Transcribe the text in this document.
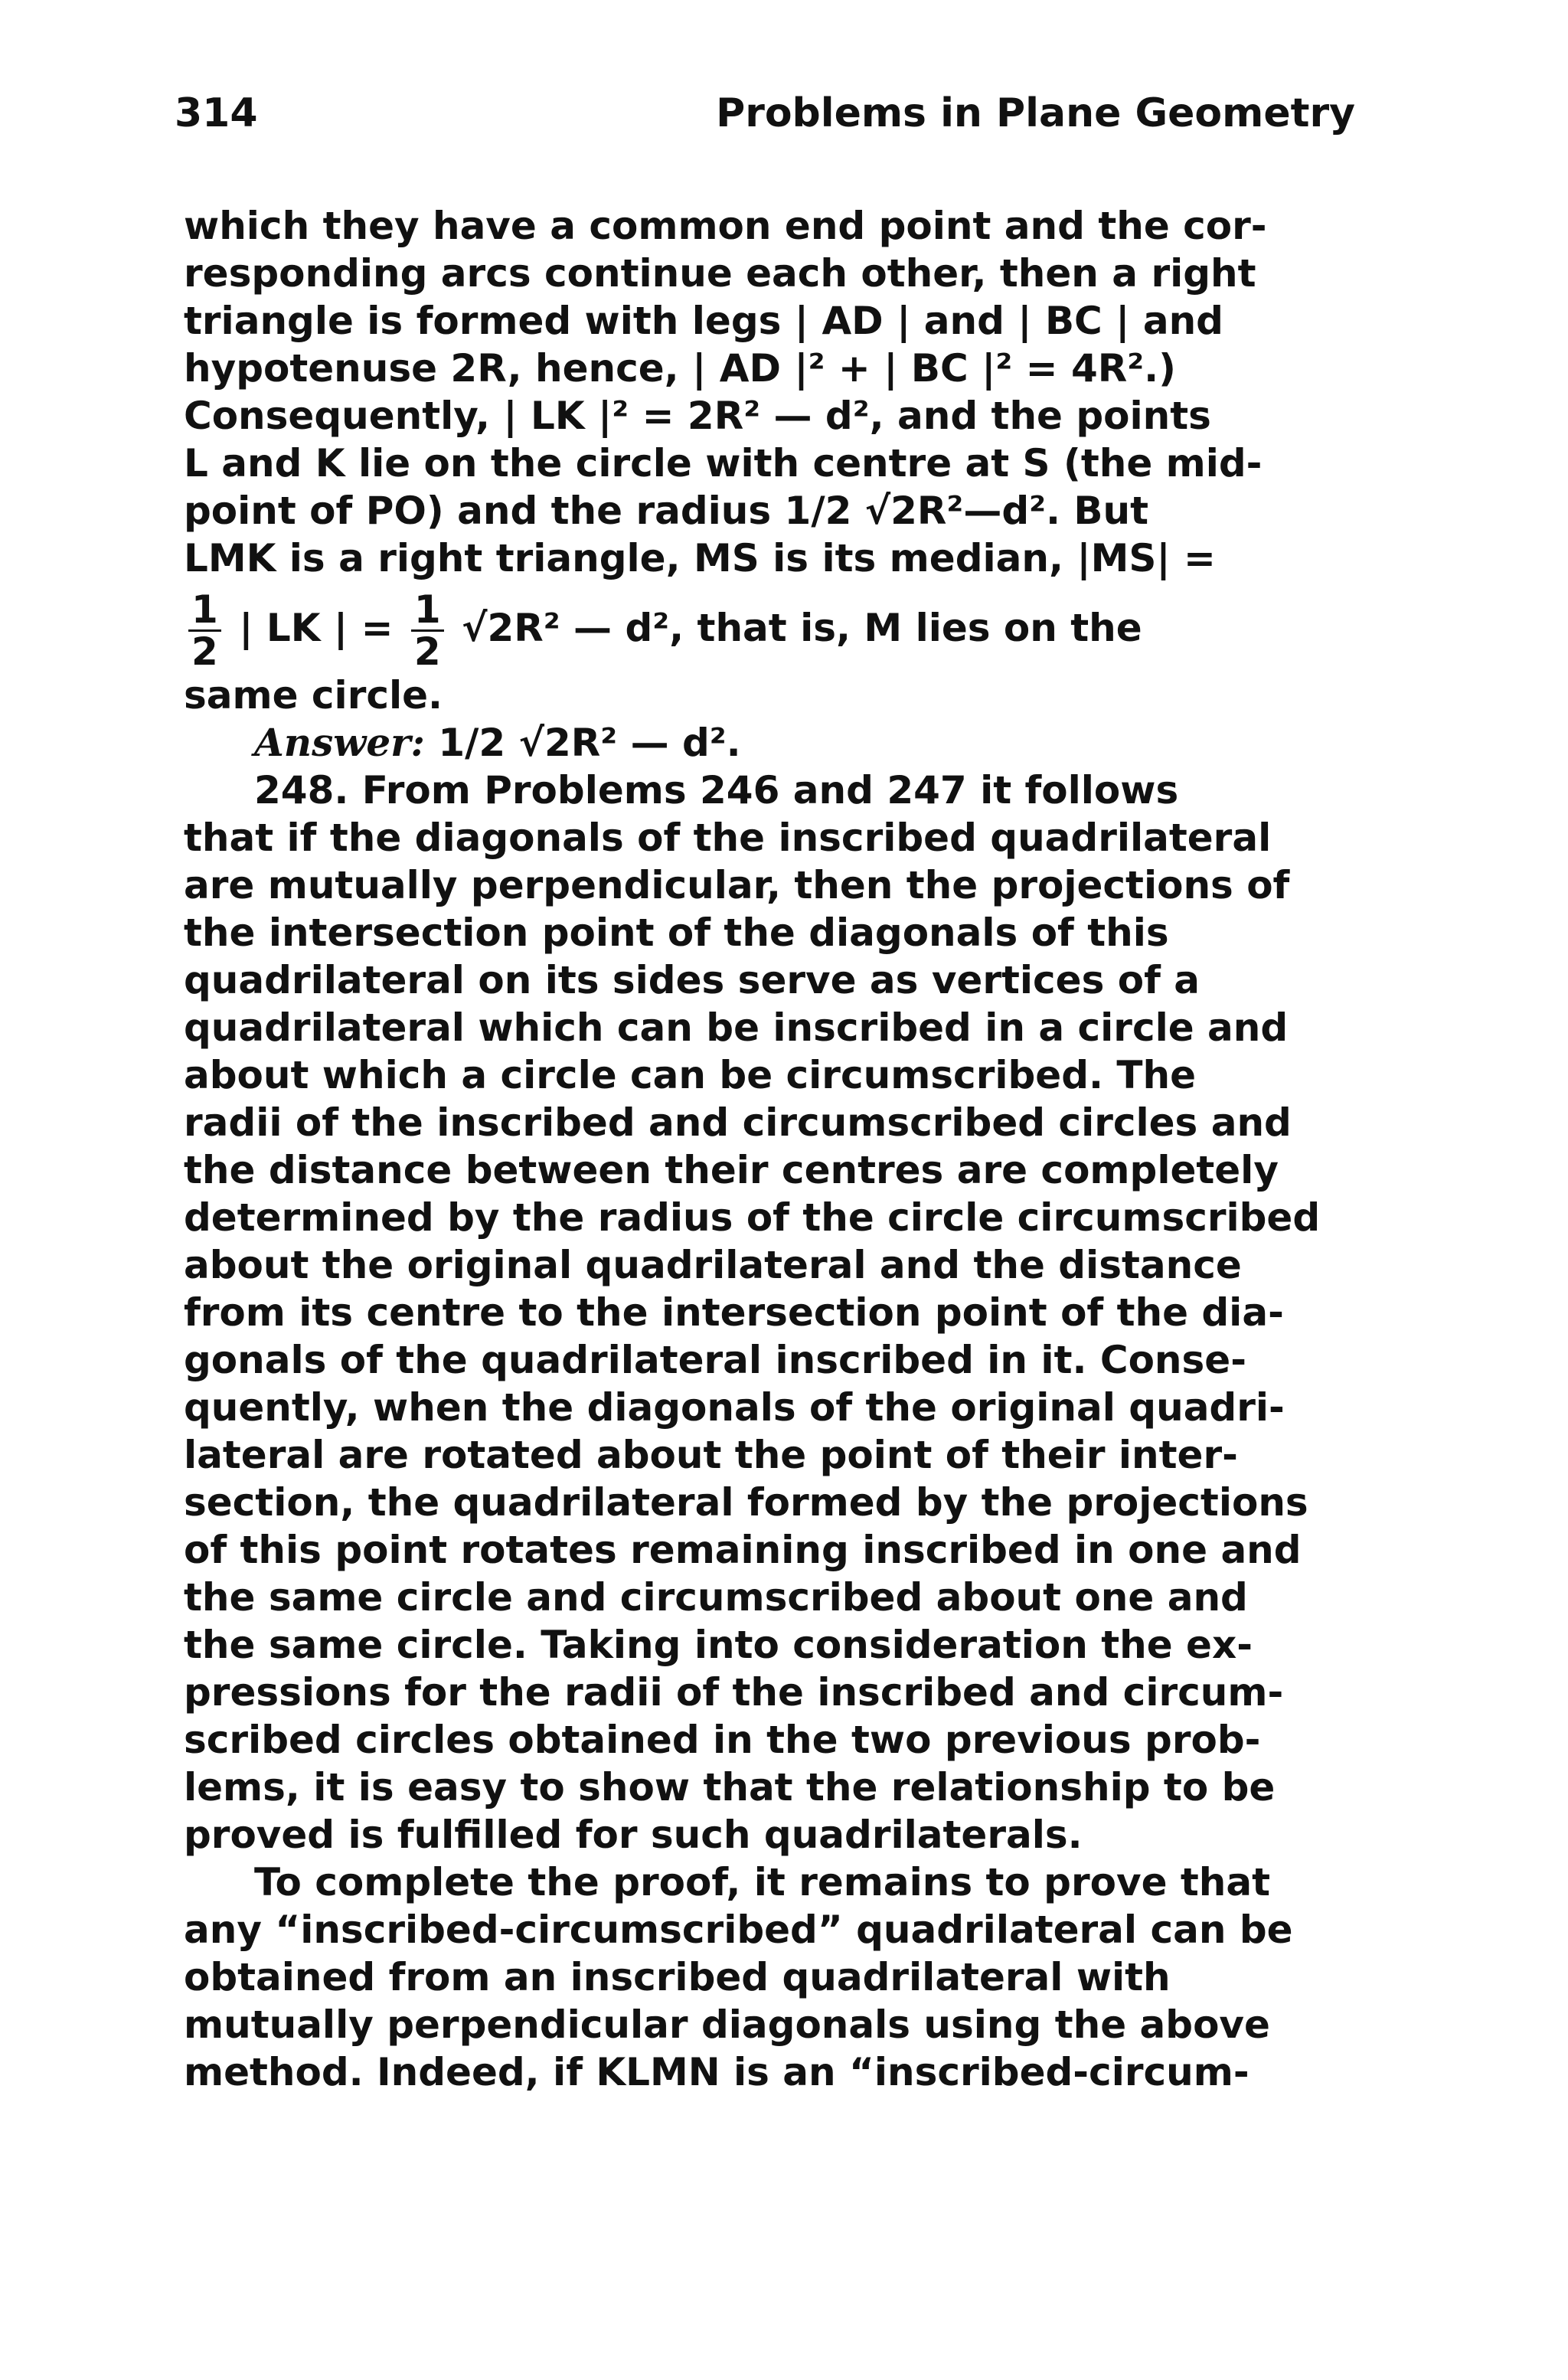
314	Problems in Plane Geometry

which they have a common end point and the cor-
responding arcs continue each other, then a right
triangle is formed with legs | AD | and | BC | and
hypotenuse 2R, hence, | AD |² + | BC |² = 4R².)
Consequently, | LK |² = 2R² — d², and the points
L and K lie on the circle with centre at S (the mid-
point of PO) and the radius 1/2 √2R²—d². But
LMK is a right triangle, MS is its median, |MS| =
$\frac{1}{2}$ | LK | = $\frac{1}{2} √2R^2$ — d², that is, M lies on the
same circle.

Answer: 1/2 √2R² — d².

248. From Problems 246 and 247 it follows
that if the diagonals of the inscribed quadrilateral
are mutually perpendicular, then the projections of
the intersection point of the diagonals of this
quadrilateral on its sides serve as vertices of a
quadrilateral which can be inscribed in a circle and
about which a circle can be circumscribed. The
radii of the inscribed and circumscribed circles and
the distance between their centres are completely
determined by the radius of the circle circumscribed
about the original quadrilateral and the distance
from its centre to the intersection point of the dia-
gonals of the quadrilateral inscribed in it. Conse-
quently, when the diagonals of the original quadri-
lateral are rotated about the point of their inter-
section, the quadrilateral formed by the projections
of this point rotates remaining inscribed in one and
the same circle and circumscribed about one and
the same circle. Taking into consideration the ex-
pressions for the radii of the inscribed and circum-
scribed circles obtained in the two previous prob-
lems, it is easy to show that the relationship to be
proved is fulfilled for such quadrilaterals.

To complete the proof, it remains to prove that
any “inscribed-circumscribed” quadrilateral can be
obtained from an inscribed quadrilateral with
mutually perpendicular diagonals using the above
method. Indeed, if KLMN is an “inscribed-circum-
